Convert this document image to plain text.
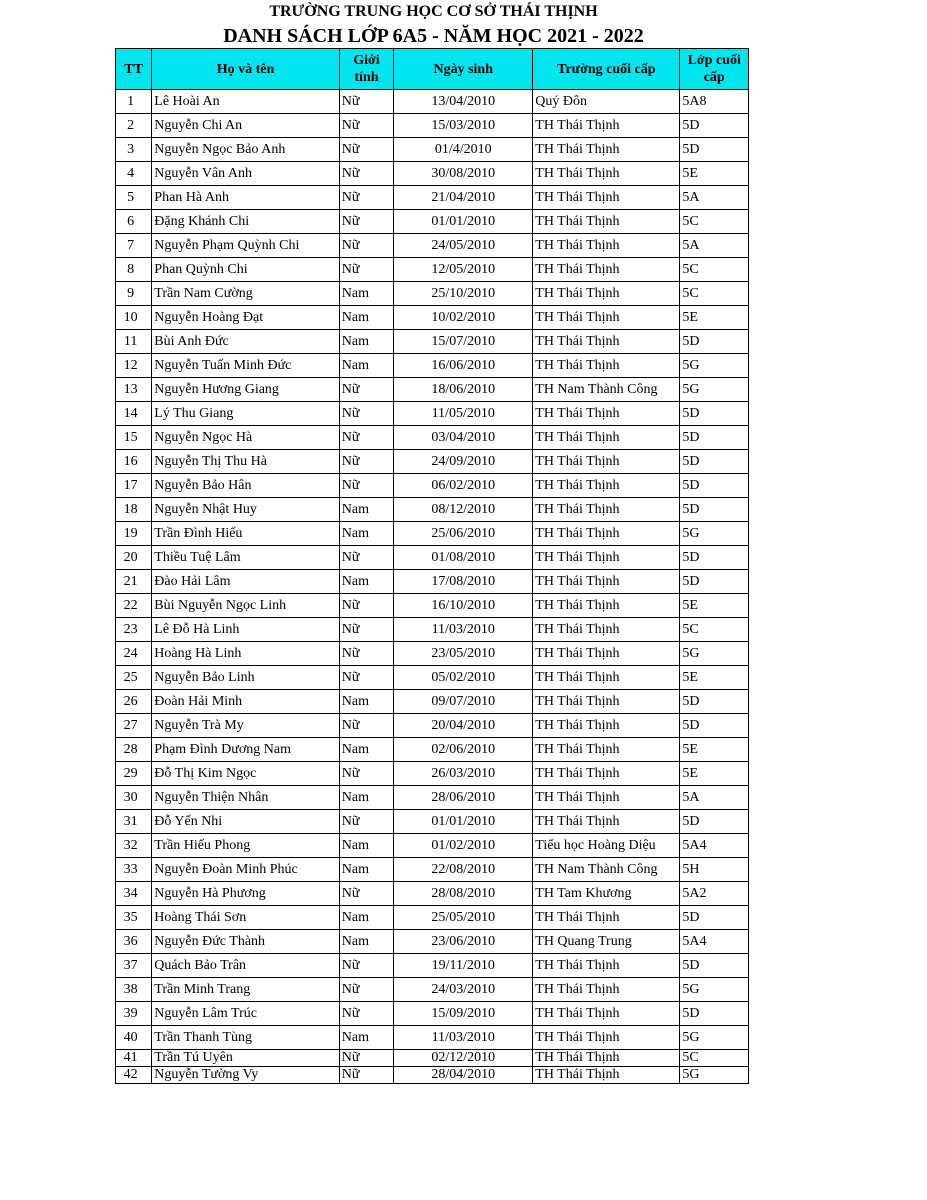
TRƯỜNG TRUNG HỌC CƠ SỞ THÁI THỊNH
DANH SÁCH LỚP 6A5 - NĂM HỌC 2021 - 2022
TT	Họ và tên	Giới tính	Ngày sinh	Trường cuối cấp	Lớp cuối cấp
1	Lê Hoài An	Nữ	13/04/2010	Quý Đôn	5A8
2	Nguyễn Chi An	Nữ	15/03/2010	TH Thái Thịnh	5D
3	Nguyễn Ngọc Bảo Anh	Nữ	01/4/2010	TH Thái Thịnh	5D
4	Nguyễn Vân Anh	Nữ	30/08/2010	TH Thái Thịnh	5E
5	Phan Hà Anh	Nữ	21/04/2010	TH Thái Thịnh	5A
6	Đặng Khánh Chi	Nữ	01/01/2010	TH Thái Thịnh	5C
7	Nguyễn Phạm Quỳnh Chi	Nữ	24/05/2010	TH Thái Thịnh	5A
8	Phan Quỳnh Chi	Nữ	12/05/2010	TH Thái Thịnh	5C
9	Trần Nam Cường	Nam	25/10/2010	TH Thái Thịnh	5C
10	Nguyễn Hoàng Đạt	Nam	10/02/2010	TH Thái Thịnh	5E
11	Bùi Anh Đức	Nam	15/07/2010	TH Thái Thịnh	5D
12	Nguyễn Tuấn Minh Đức	Nam	16/06/2010	TH Thái Thịnh	5G
13	Nguyễn Hương Giang	Nữ	18/06/2010	TH Nam Thành Công	5G
14	Lý Thu Giang	Nữ	11/05/2010	TH Thái Thịnh	5D
15	Nguyễn Ngọc Hà	Nữ	03/04/2010	TH Thái Thịnh	5D
16	Nguyễn Thị Thu Hà	Nữ	24/09/2010	TH Thái Thịnh	5D
17	Nguyễn Bảo Hân	Nữ	06/02/2010	TH Thái Thịnh	5D
18	Nguyễn Nhật Huy	Nam	08/12/2010	TH Thái Thịnh	5D
19	Trần Đình Hiếu	Nam	25/06/2010	TH Thái Thịnh	5G
20	Thiều Tuệ Lâm	Nữ	01/08/2010	TH Thái Thịnh	5D
21	Đào Hải Lâm	Nam	17/08/2010	TH Thái Thịnh	5D
22	Bùi Nguyễn Ngọc Linh	Nữ	16/10/2010	TH Thái Thịnh	5E
23	Lê Đỗ Hà Linh	Nữ	11/03/2010	TH Thái Thịnh	5C
24	Hoàng Hà Linh	Nữ	23/05/2010	TH Thái Thịnh	5G
25	Nguyễn Bảo Linh	Nữ	05/02/2010	TH Thái Thịnh	5E
26	Đoàn Hải Minh	Nam	09/07/2010	TH Thái Thịnh	5D
27	Nguyễn Trà My	Nữ	20/04/2010	TH Thái Thịnh	5D
28	Phạm Đình Dương Nam	Nam	02/06/2010	TH Thái Thịnh	5E
29	Đỗ Thị Kim Ngọc	Nữ	26/03/2010	TH Thái Thịnh	5E
30	Nguyễn Thiện Nhân	Nam	28/06/2010	TH Thái Thịnh	5A
31	Đỗ Yến Nhi	Nữ	01/01/2010	TH Thái Thịnh	5D
32	Trần Hiếu Phong	Nam	01/02/2010	Tiểu học Hoàng Diệu	5A4
33	Nguyễn Đoàn Minh Phúc	Nam	22/08/2010	TH Nam Thành Công	5H
34	Nguyễn Hà Phương	Nữ	28/08/2010	TH Tam Khương	5A2
35	Hoàng Thái Sơn	Nam	25/05/2010	TH Thái Thịnh	5D
36	Nguyễn Đức Thành	Nam	23/06/2010	TH Quang Trung	5A4
37	Quách Bảo Trân	Nữ	19/11/2010	TH Thái Thịnh	5D
38	Trần Minh Trang	Nữ	24/03/2010	TH Thái Thịnh	5G
39	Nguyễn Lâm Trúc	Nữ	15/09/2010	TH Thái Thịnh	5D
40	Trần Thanh Tùng	Nam	11/03/2010	TH Thái Thịnh	5G
41	Trần Tú Uyên	Nữ	02/12/2010	TH Thái Thịnh	5C
42	Nguyễn Tường Vy	Nữ	28/04/2010	TH Thái Thịnh	5G
